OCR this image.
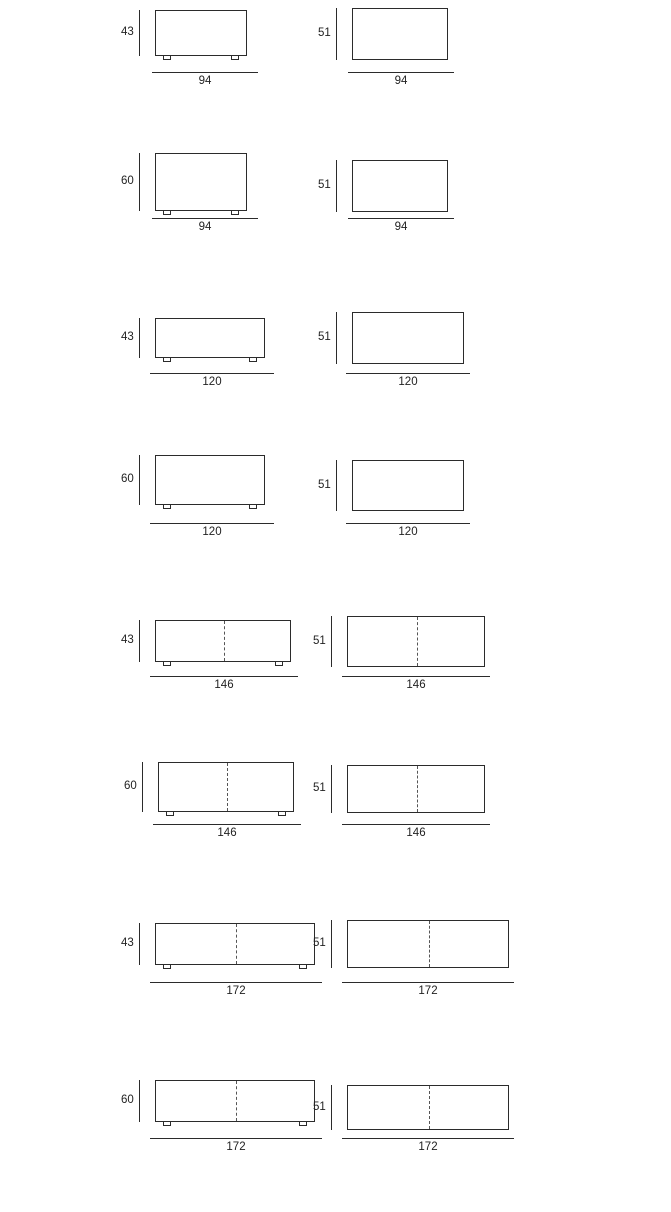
43
94
51
94
60
94
51
94
43
120
51
120
60
120
51
120
43
146
51
146
60
146
51
146
43
172
51
172
60
172
51
172
